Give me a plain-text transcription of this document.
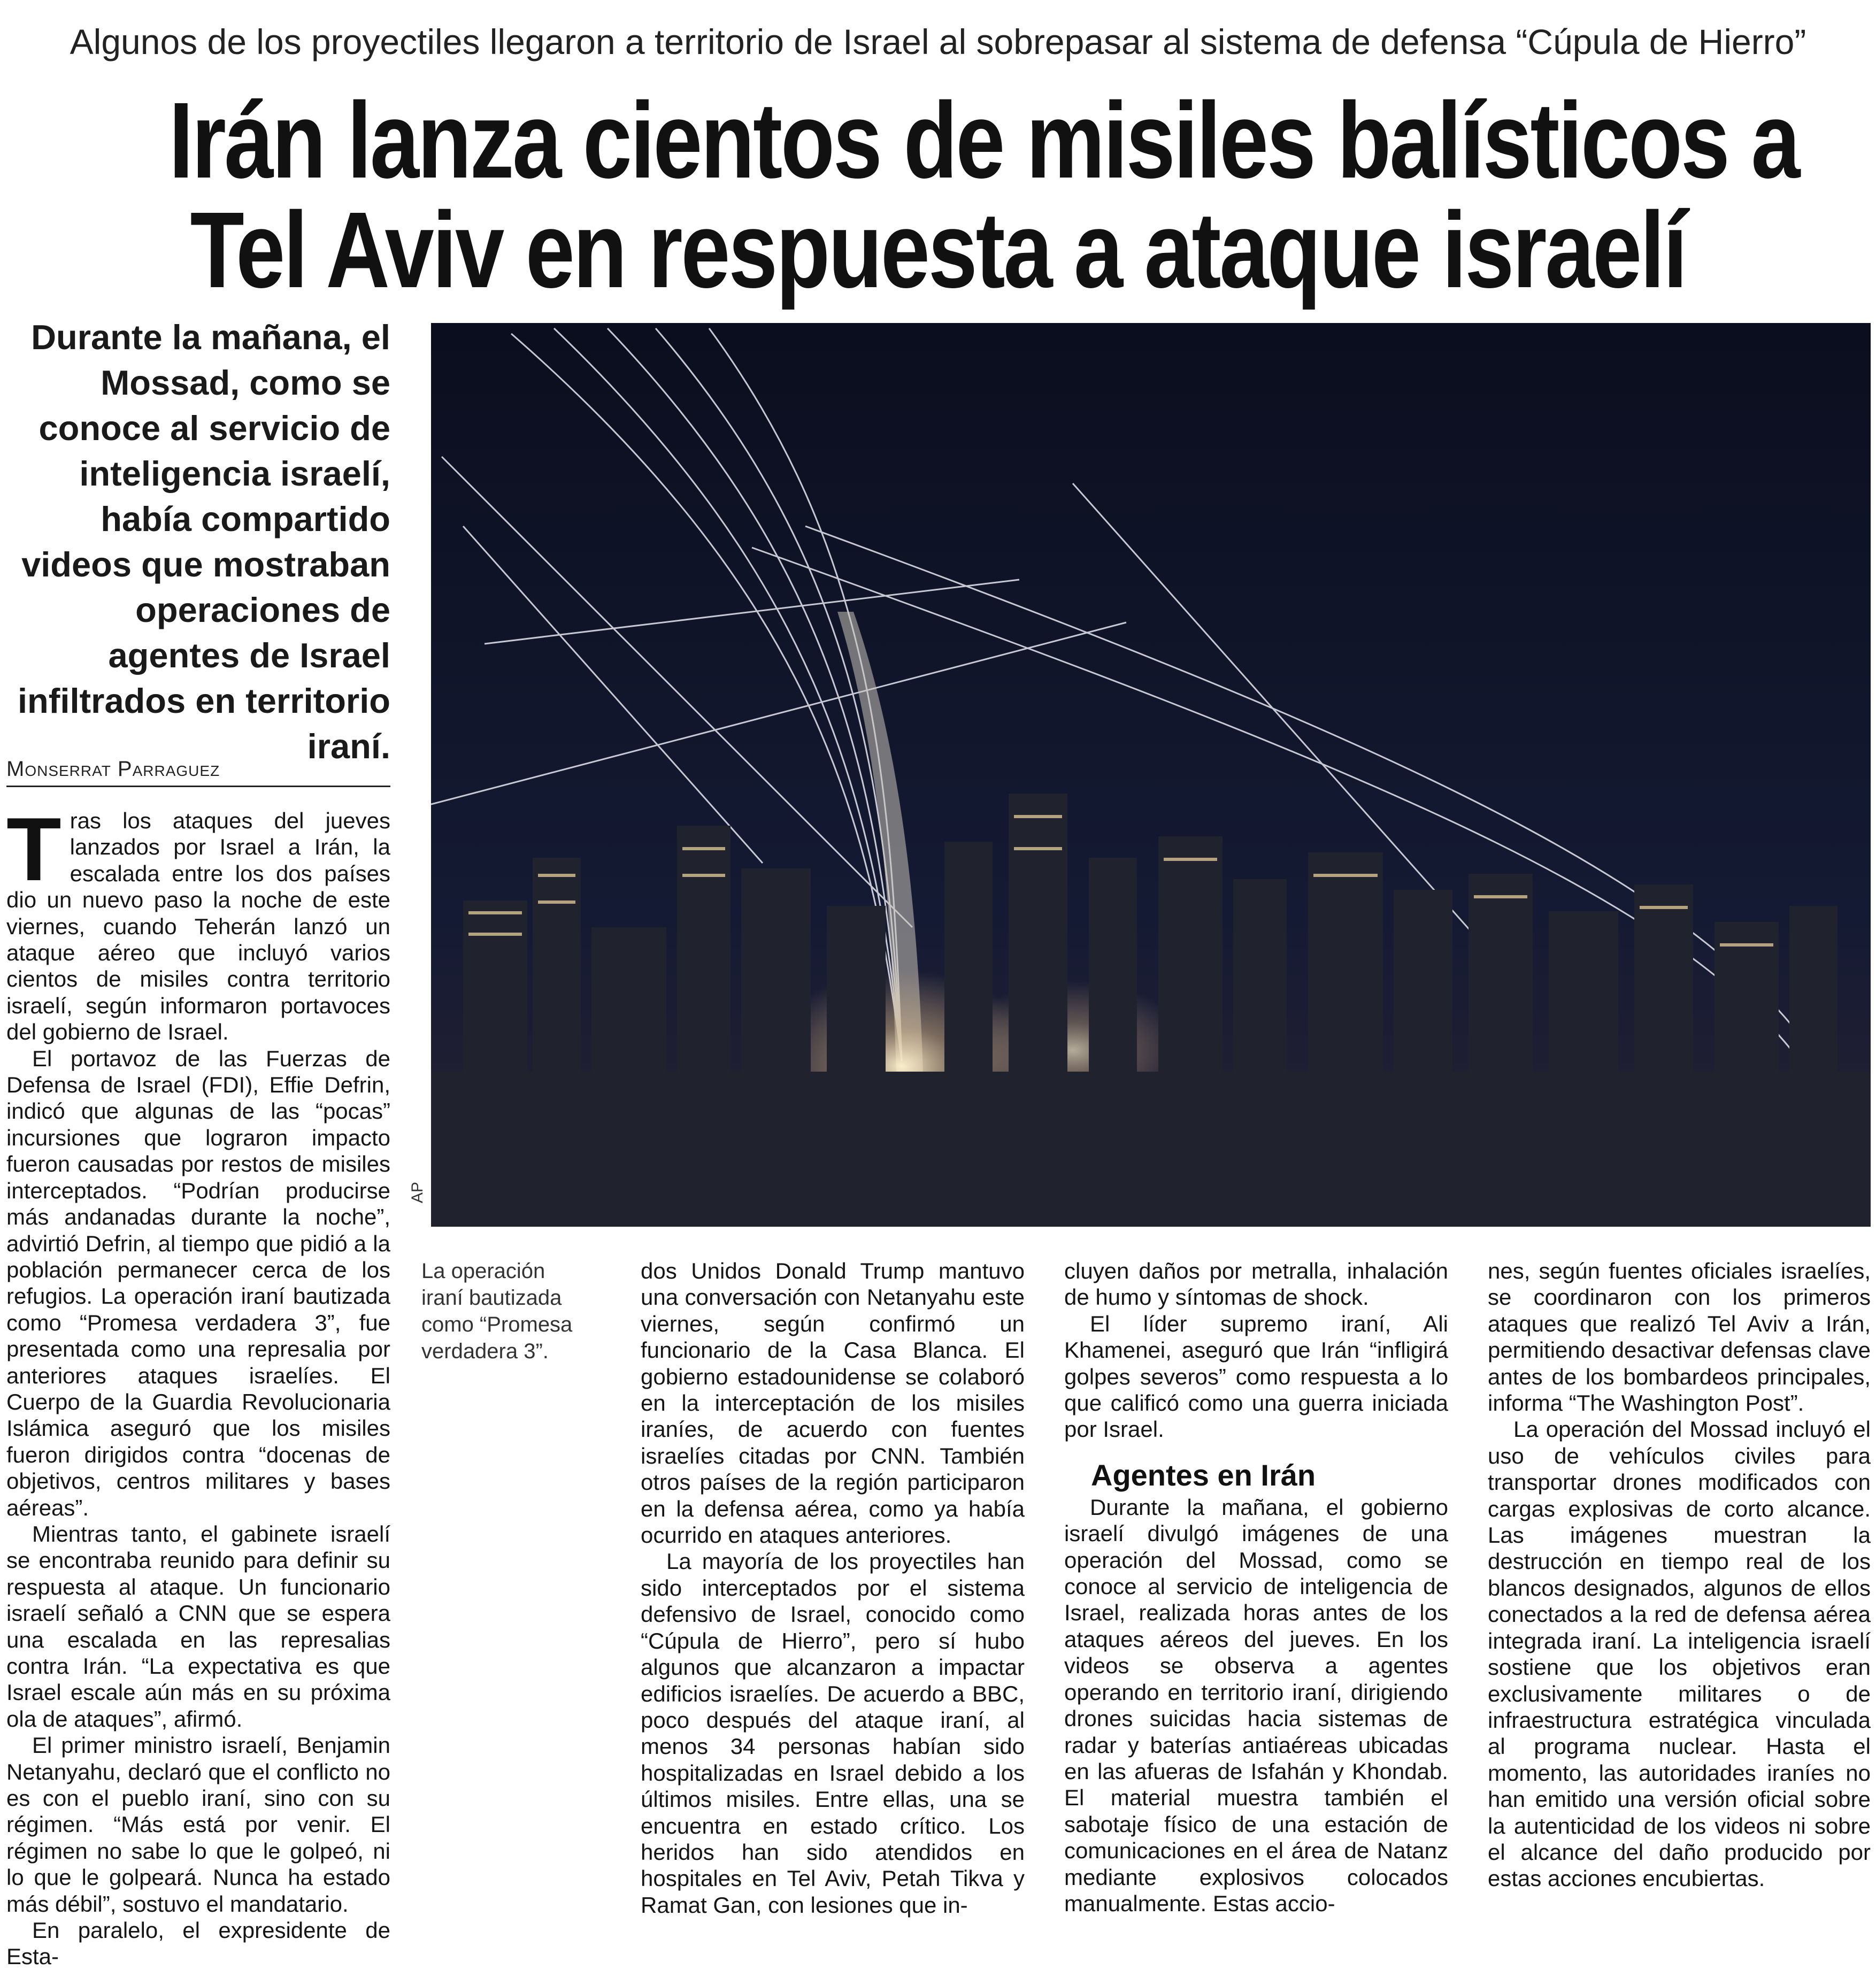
Algunos de los proyectiles llegaron a territorio de Israel al sobrepasar al sistema de defensa “Cúpula de Hierro”
Irán lanza cientos de misiles balísticos a
Tel Aviv en respuesta a ataque israelí
Durante la mañana, el Mossad, como se conoce al servicio de inteligencia israelí, había compartido videos que mostraban operaciones de agentes de Israel infiltrados en territorio iraní.
Monserrat Parraguez
AP
La operación iraní bautizada como “Promesa verdadera 3”.

Tras los ataques del jueves lanzados por Israel a Irán, la escalada entre los dos países dio un nuevo paso la noche de este viernes, cuando Teherán lanzó un ataque aéreo que incluyó varios cientos de misiles contra territorio israelí, según informaron portavoces del gobierno de Israel.

El portavoz de las Fuerzas de Defensa de Israel (FDI), Effie Defrin, indicó que algunas de las “pocas” incursiones que lograron impacto fueron causadas por restos de misiles interceptados. “Podrían producirse más andanadas durante la noche”, advirtió Defrin, al tiempo que pidió a la población permanecer cerca de los refugios. La operación iraní bautizada como “Promesa verdadera 3”, fue presentada como una represalia por anteriores ataques israelíes. El Cuerpo de la Guardia Revolucionaria Islámica aseguró que los misiles fueron dirigidos contra “docenas de objetivos, centros militares y bases aéreas”.

Mientras tanto, el gabinete israelí se encontraba reunido para definir su respuesta al ataque. Un funcionario israelí señaló a CNN que se espera una escalada en las represalias contra Irán. “La expectativa es que Israel escale aún más en su próxima ola de ataques”, afirmó.

El primer ministro israelí, Benjamin Netanyahu, declaró que el conflicto no es con el pueblo iraní, sino con su régimen. “Más está por venir. El régimen no sabe lo que le golpeó, ni lo que le golpeará. Nunca ha estado más débil”, sostuvo el mandatario.

En paralelo, el expresidente de Esta-

dos Unidos Donald Trump mantuvo una conversación con Netanyahu este viernes, según confirmó un funcionario de la Casa Blanca. El gobierno estadounidense se colaboró en la interceptación de los misiles iraníes, de acuerdo con fuentes israelíes citadas por CNN. También otros países de la región participaron en la defensa aérea, como ya había ocurrido en ataques anteriores.

La mayoría de los proyectiles han sido interceptados por el sistema defensivo de Israel, conocido como “Cúpula de Hierro”, pero sí hubo algunos que alcanzaron a impactar edificios israelíes. De acuerdo a BBC, poco después del ataque iraní, al menos 34 personas habían sido hospitalizadas en Israel debido a los últimos misiles. Entre ellas, una se encuentra en estado crítico. Los heridos han sido atendidos en hospitales en Tel Aviv, Petah Tikva y Ramat Gan, con lesiones que in-

cluyen daños por metralla, inhalación de humo y síntomas de shock.

El líder supremo iraní, Ali Khamenei, aseguró que Irán “infligirá golpes severos” como respuesta a lo que calificó como una guerra iniciada por Israel.

Agentes en Irán

Durante la mañana, el gobierno israelí divulgó imágenes de una operación del Mossad, como se conoce al servicio de inteligencia de Israel, realizada horas antes de los ataques aéreos del jueves. En los videos se observa a agentes operando en territorio iraní, dirigiendo drones suicidas hacia sistemas de radar y baterías antiaéreas ubicadas en las afueras de Isfahán y Khondab. El material muestra también el sabotaje físico de una estación de comunicaciones en el área de Natanz mediante explosivos colocados manualmente. Estas accio-

nes, según fuentes oficiales israelíes, se coordinaron con los primeros ataques que realizó Tel Aviv a Irán, permitiendo desactivar defensas clave antes de los bombardeos principales, informa “The Washington Post”.

La operación del Mossad incluyó el uso de vehículos civiles para transportar drones modificados con cargas explosivas de corto alcance. Las imágenes muestran la destrucción en tiempo real de los blancos designados, algunos de ellos conectados a la red de defensa aérea integrada iraní. La inteligencia israelí sostiene que los objetivos eran exclusivamente militares o de infraestructura estratégica vinculada al programa nuclear. Hasta el momento, las autoridades iraníes no han emitido una versión oficial sobre la autenticidad de los videos ni sobre el alcance del daño producido por estas acciones encubiertas.
